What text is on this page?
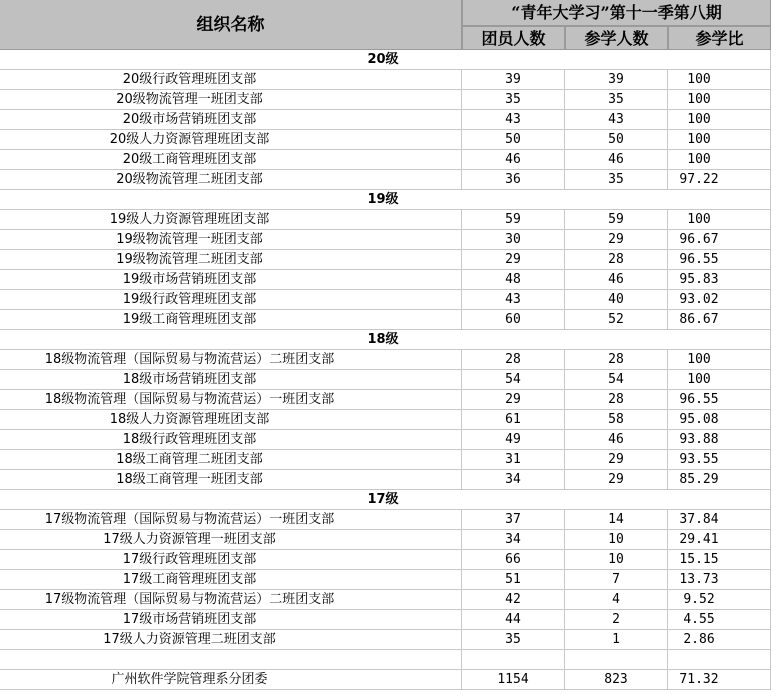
组织名称
“青年大学习”第十一季第八期
团员人数	参学人数	参学比
20级
20级行政管理班团支部	39	39	100
20级物流管理一班团支部	35	35	100
20级市场营销班团支部	43	43	100
20级人力资源管理班团支部	50	50	100
20级工商管理班团支部	46	46	100
20级物流管理二班团支部	36	35	97.22
19级
19级人力资源管理班团支部	59	59	100
19级物流管理一班团支部	30	29	96.67
19级物流管理二班团支部	29	28	96.55
19级市场营销班团支部	48	46	95.83
19级行政管理班团支部	43	40	93.02
19级工商管理班团支部	60	52	86.67
18级
18级物流管理（国际贸易与物流营运）二班团支部	28	28	100
18级市场营销班团支部	54	54	100
18级物流管理（国际贸易与物流营运）一班团支部	29	28	96.55
18级人力资源管理班团支部	61	58	95.08
18级行政管理班团支部	49	46	93.88
18级工商管理二班团支部	31	29	93.55
18级工商管理一班团支部	34	29	85.29
17级
17级物流管理（国际贸易与物流营运）一班团支部	37	14	37.84
17级人力资源管理一班团支部	34	10	29.41
17级行政管理班团支部	66	10	15.15
17级工商管理班团支部	51	7	13.73
17级物流管理（国际贸易与物流营运）二班团支部	42	4	9.52
17级市场营销班团支部	44	2	4.55
17级人力资源管理二班团支部	35	1	2.86
广州软件学院管理系分团委	1154	823	71.32
